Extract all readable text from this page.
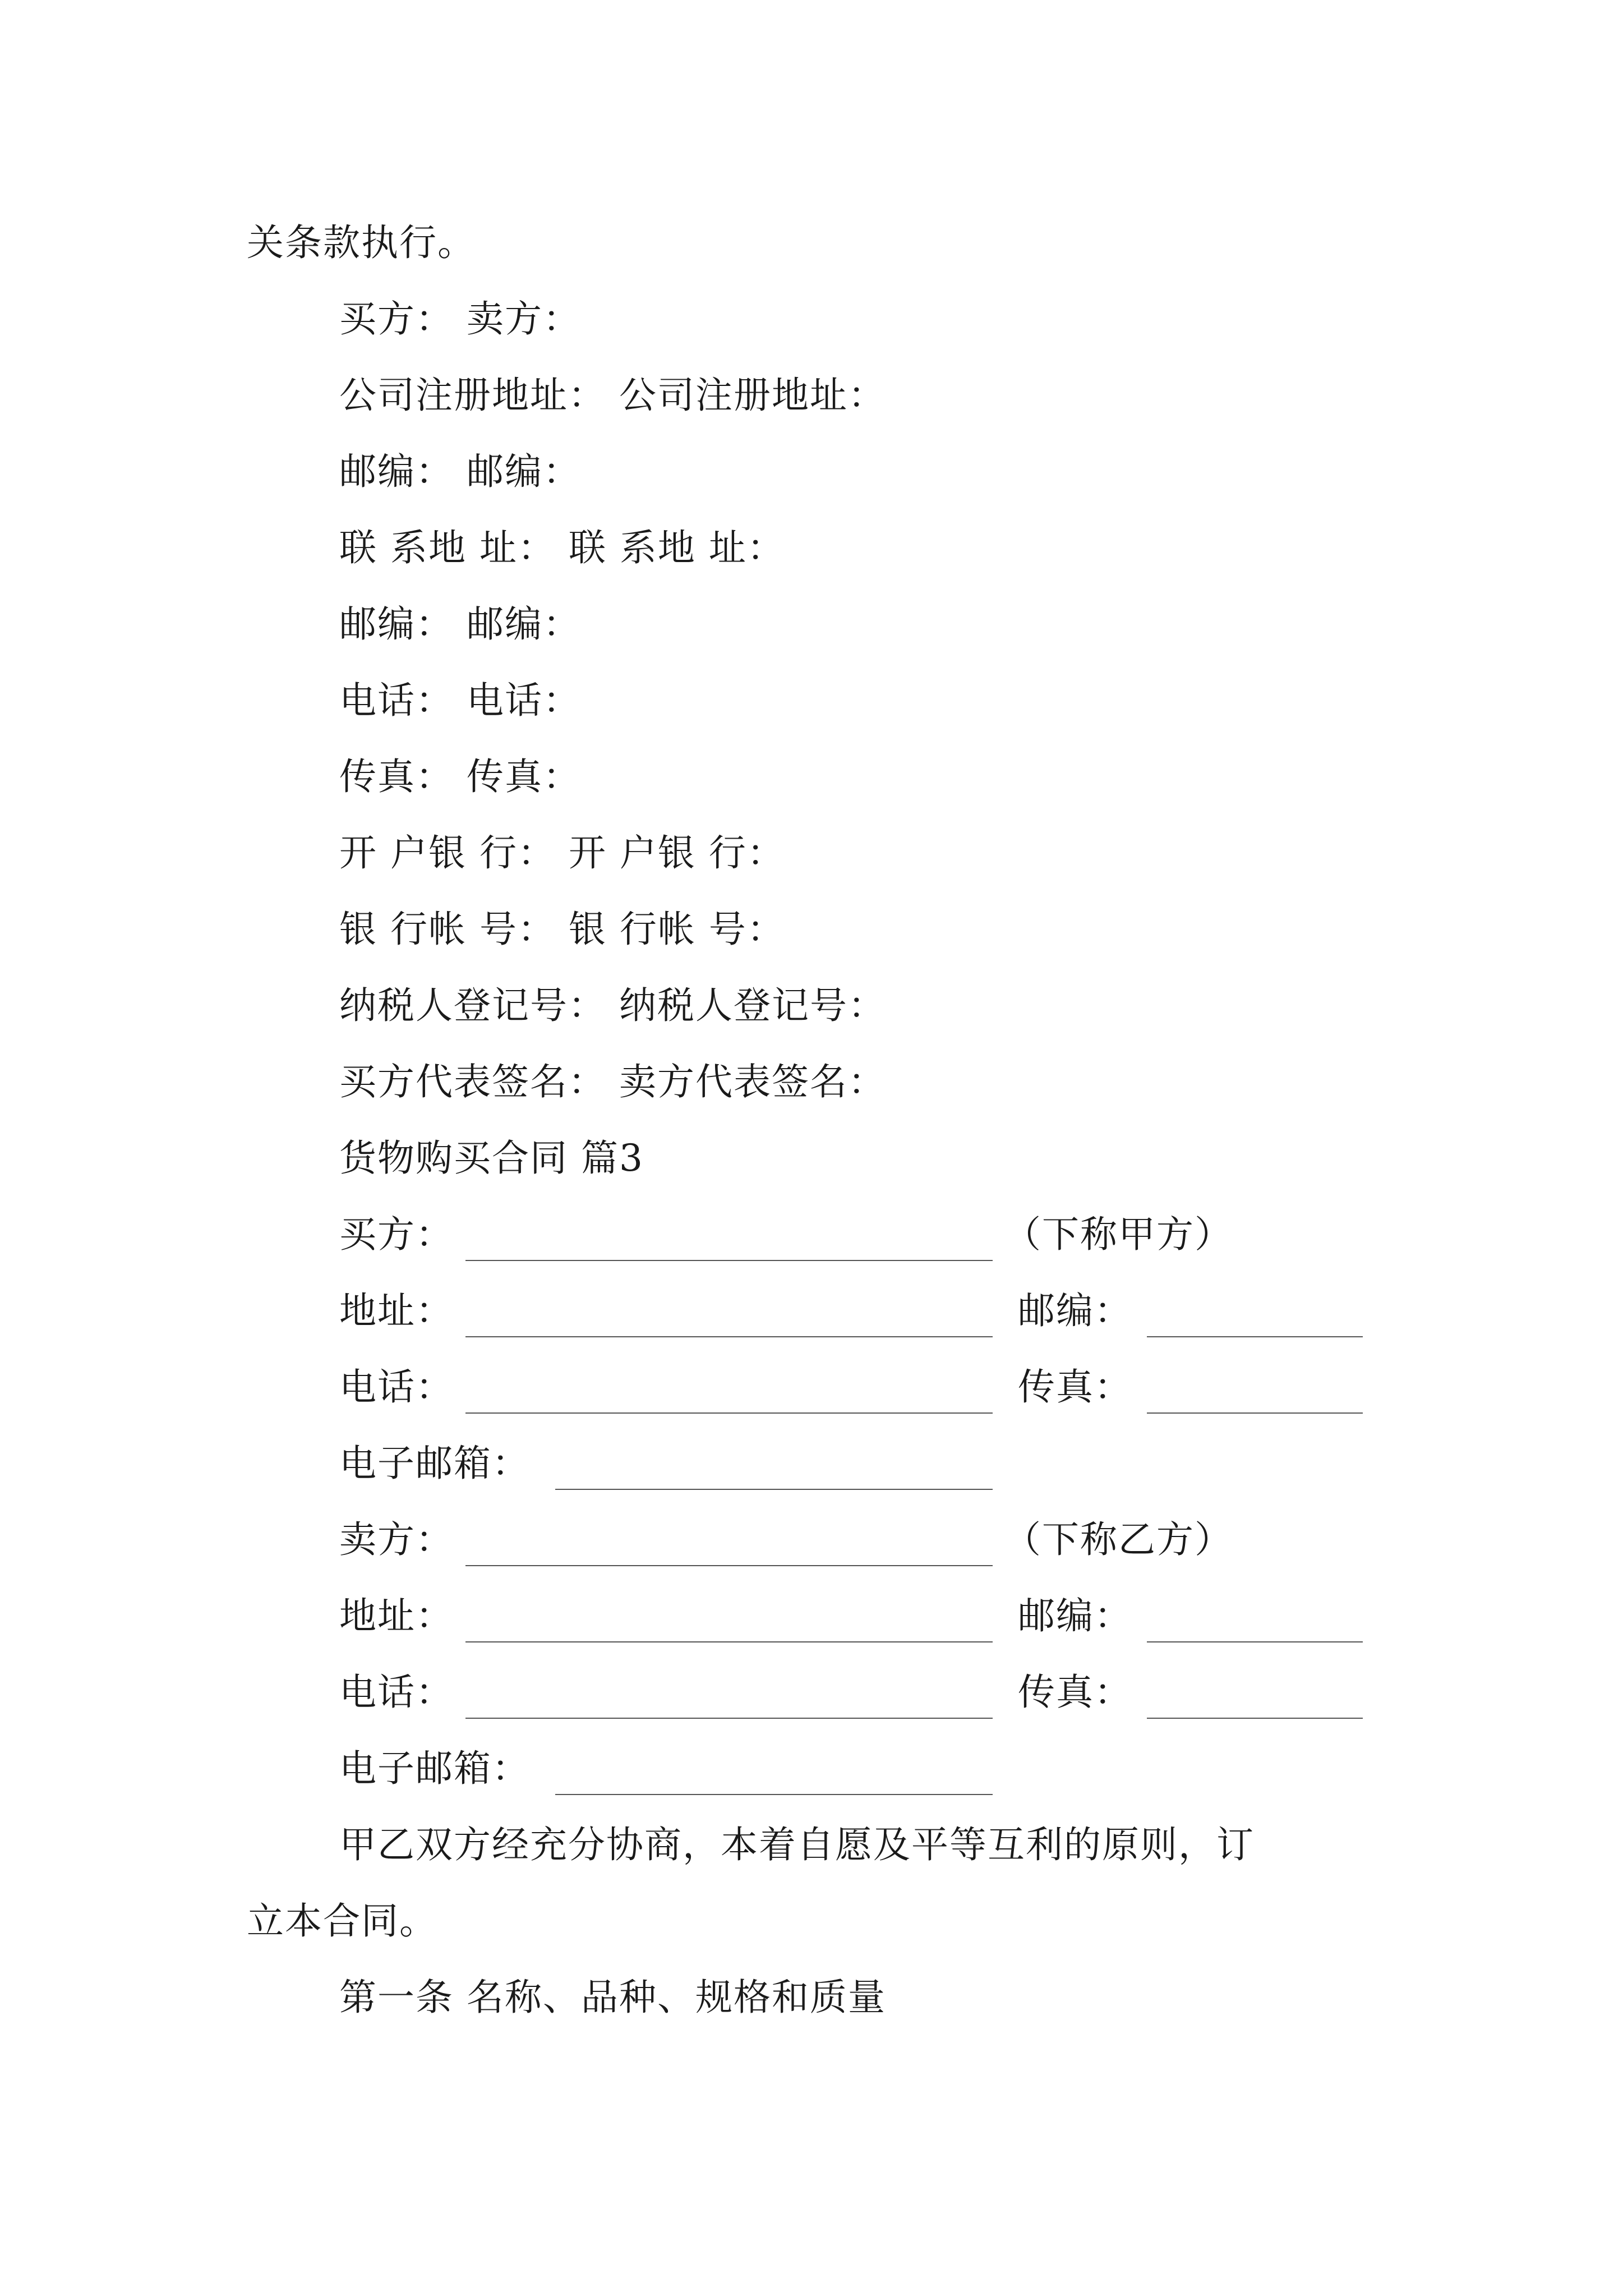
关条款执行。
买方： 卖方：
公司注册地址： 公司注册地址：
邮编： 邮编：
联 系地 址： 联 系地 址：
邮编： 邮编：
电话： 电话：
传真： 传真：
开 户银 行： 开 户银 行：
银 行帐 号： 银 行帐 号：
纳税人登记号： 纳税人登记号：
买方代表签名： 卖方代表签名：
货物购买合同 篇3
买方：	（下称甲方）
地址：	邮编：
电话：	传真：
电子邮箱：
卖方：	（下称乙方）
地址：	邮编：
电话：	传真：
电子邮箱：
甲乙双方经充分协商，本着自愿及平等互利的原则，订
立本合同。
第一条 名称、品种、规格和质量
